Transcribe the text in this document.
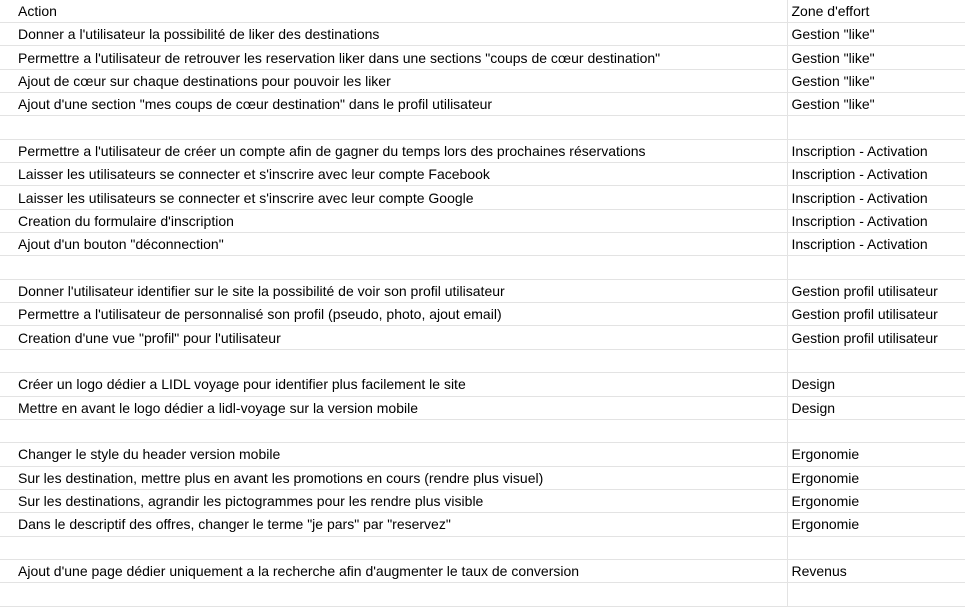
Action	Zone d'effort
Donner a l'utilisateur la possibilité de liker des destinations	Gestion "like"
Permettre a l'utilisateur de retrouver les reservation liker dans une sections "coups de cœur destination"	Gestion "like"
Ajout de cœur sur chaque destinations pour pouvoir les liker	Gestion "like"
Ajout d'une section "mes coups de cœur destination" dans le profil utilisateur	Gestion "like"

Permettre a l'utilisateur de créer un compte afin de gagner du temps lors des prochaines réservations	Inscription - Activation
Laisser les utilisateurs se connecter et s'inscrire avec leur compte Facebook	Inscription - Activation
Laisser les utilisateurs se connecter et s'inscrire avec leur compte Google	Inscription - Activation
Creation du formulaire d'inscription	Inscription - Activation
Ajout d'un bouton "déconnection"	Inscription - Activation

Donner l'utilisateur identifier sur le site la possibilité de voir son profil utilisateur	Gestion profil utilisateur
Permettre a l'utilisateur de personnalisé son profil (pseudo, photo, ajout email)	Gestion profil utilisateur
Creation d'une vue "profil" pour l'utilisateur	Gestion profil utilisateur

Créer un logo dédier a LIDL voyage pour identifier plus facilement le site	Design
Mettre en avant le logo dédier a lidl-voyage sur la version mobile	Design

Changer le style du header version mobile	Ergonomie
Sur les destination, mettre plus en avant les promotions en cours (rendre plus visuel)	Ergonomie
Sur les destinations, agrandir les pictogrammes pour les rendre plus visible	Ergonomie
Dans le descriptif des offres, changer le terme "je pars" par "reservez"	Ergonomie

Ajout d'une page dédier uniquement a la recherche afin d'augmenter le taux de conversion	Revenus
